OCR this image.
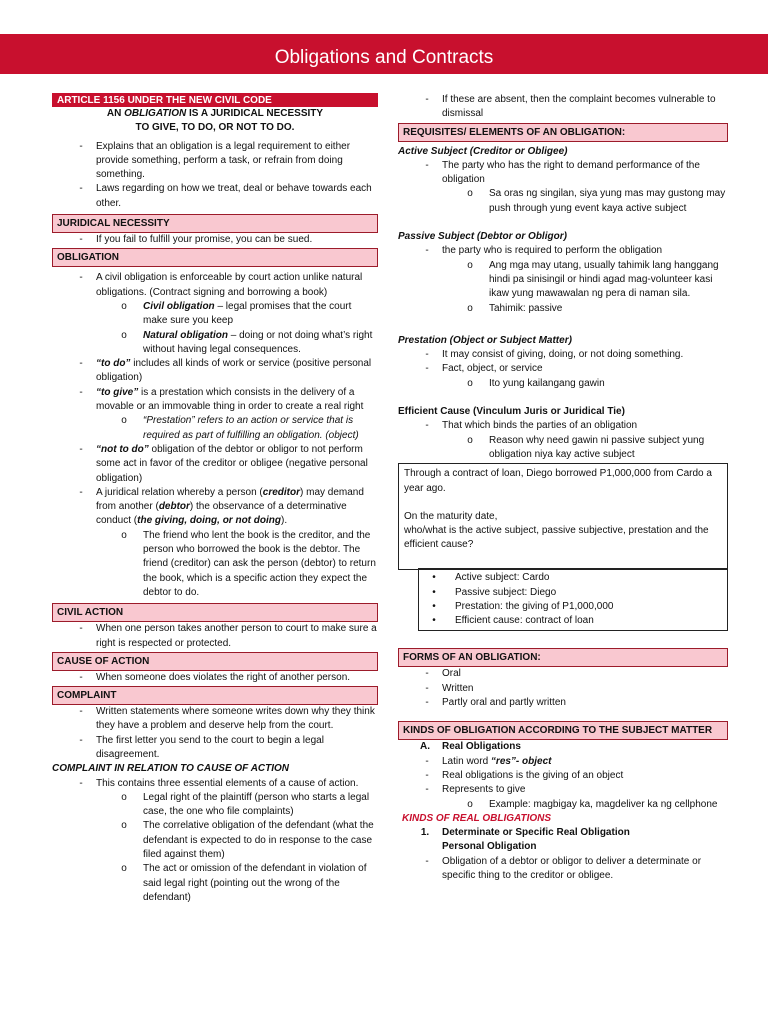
Obligations and Contracts
ARTICLE 1156 UNDER THE NEW CIVIL CODE

AN OBLIGATION IS A JURIDICAL NECESSITY

TO GIVE, TO DO, OR NOT TO DO.

-	Explains that an obligation is a legal requirement to either provide something, perform a task, or refrain from doing something.
-	Laws regarding on how we treat, deal or behave towards each other.
JURIDICAL NECESSITY
-	If you fail to fulfill your promise, you can be sued.
OBLIGATION
-	A civil obligation is enforceable by court action unlike natural obligations. (Contract signing and borrowing a book)
o Civil obligation – legal promises that the court make sure you keep
o Natural obligation – doing or not doing what’s right without having legal consequences.
-	“to do” includes all kinds of work or service (positive personal obligation)
-	“to give” is a prestation which consists in the delivery of a movable or an immovable thing in order to create a real right
o “Prestation” refers to an action or service that is required as part of fulfilling an obligation. (object)
-	“not to do” obligation of the debtor or obligor to not perform some act in favor of the creditor or obligee (negative personal obligation)
-	A juridical relation whereby a person (creditor) may demand from another (debtor) the observance of a determinative conduct (the giving, doing, or not doing).
o The friend who lent the book is the creditor, and the person who borrowed the book is the debtor. The friend (creditor) can ask the person (debtor) to return the book, which is a specific action they expect the debtor to do.
CIVIL ACTION
-	When one person takes another person to court to make sure a right is respected or protected.
CAUSE OF ACTION
-	When someone does violates the right of another person.
COMPLAINT
-	Written statements where someone writes down why they think they have a problem and deserve help from the court.
-	The first letter you send to the court to begin a legal disagreement.

COMPLAINT IN RELATION TO CAUSE OF ACTION

-	This contains three essential elements of a cause of action.
o Legal right of the plaintiff (person who starts a legal case, the one who file complaints)
o The correlative obligation of the defendant (what the defendant is expected to do in response to the case filed against them)
o The act or omission of the defendant in violation of said legal right (pointing out the wrong of the defendant)
-	If these are absent, then the complaint becomes vulnerable to dismissal
REQUISITES/ ELEMENTS OF AN OBLIGATION:

Active Subject (Creditor or Obligee)

-	The party who has the right to demand performance of the obligation
o Sa oras ng singilan, siya yung mas may gustong may push through yung event kaya active subject

Passive Subject (Debtor or Obligor)

-	the party who is required to perform the obligation
o Ang mga may utang, usually tahimik lang hanggang hindi pa sinisingil or hindi agad mag-volunteer kasi ikaw yung mawawalan ng pera di naman sila.
o Tahimik: passive

Prestation (Object or Subject Matter)

-	It may consist of giving, doing, or not doing something.
-	Fact, object, or service
o Ito yung kailangang gawin

Efficient Cause (Vinculum Juris or Juridical Tie)

-	That which binds the parties of an obligation
o Reason why need gawin ni passive subject yung obligation niya kay active subject

Through a contract of loan, Diego borrowed P1,000,000 from Cardo a year ago.

On the maturity date,
who/what is the active subject, passive subjective, prestation and the efficient cause?

•	Active subject: Cardo
•	Passive subject: Diego
•	Prestation: the giving of P1,000,000
•	Efficient cause: contract of loan
FORMS OF AN OBLIGATION:
-	Oral
-	Written
-	Partly oral and partly written
KINDS OF OBLIGATION ACCORDING TO THE SUBJECT MATTER
A. Real Obligations
-	Latin word “res”- object
-	Real obligations is the giving of an object
-	Represents to give
o Example: magbigay ka, magdeliver ka ng cellphone

KINDS OF REAL OBLIGATIONS

1. Determinate or Specific Real Obligation

Personal Obligation

-	Obligation of a debtor or obligor to deliver a determinate or specific thing to the creditor or obligee.
